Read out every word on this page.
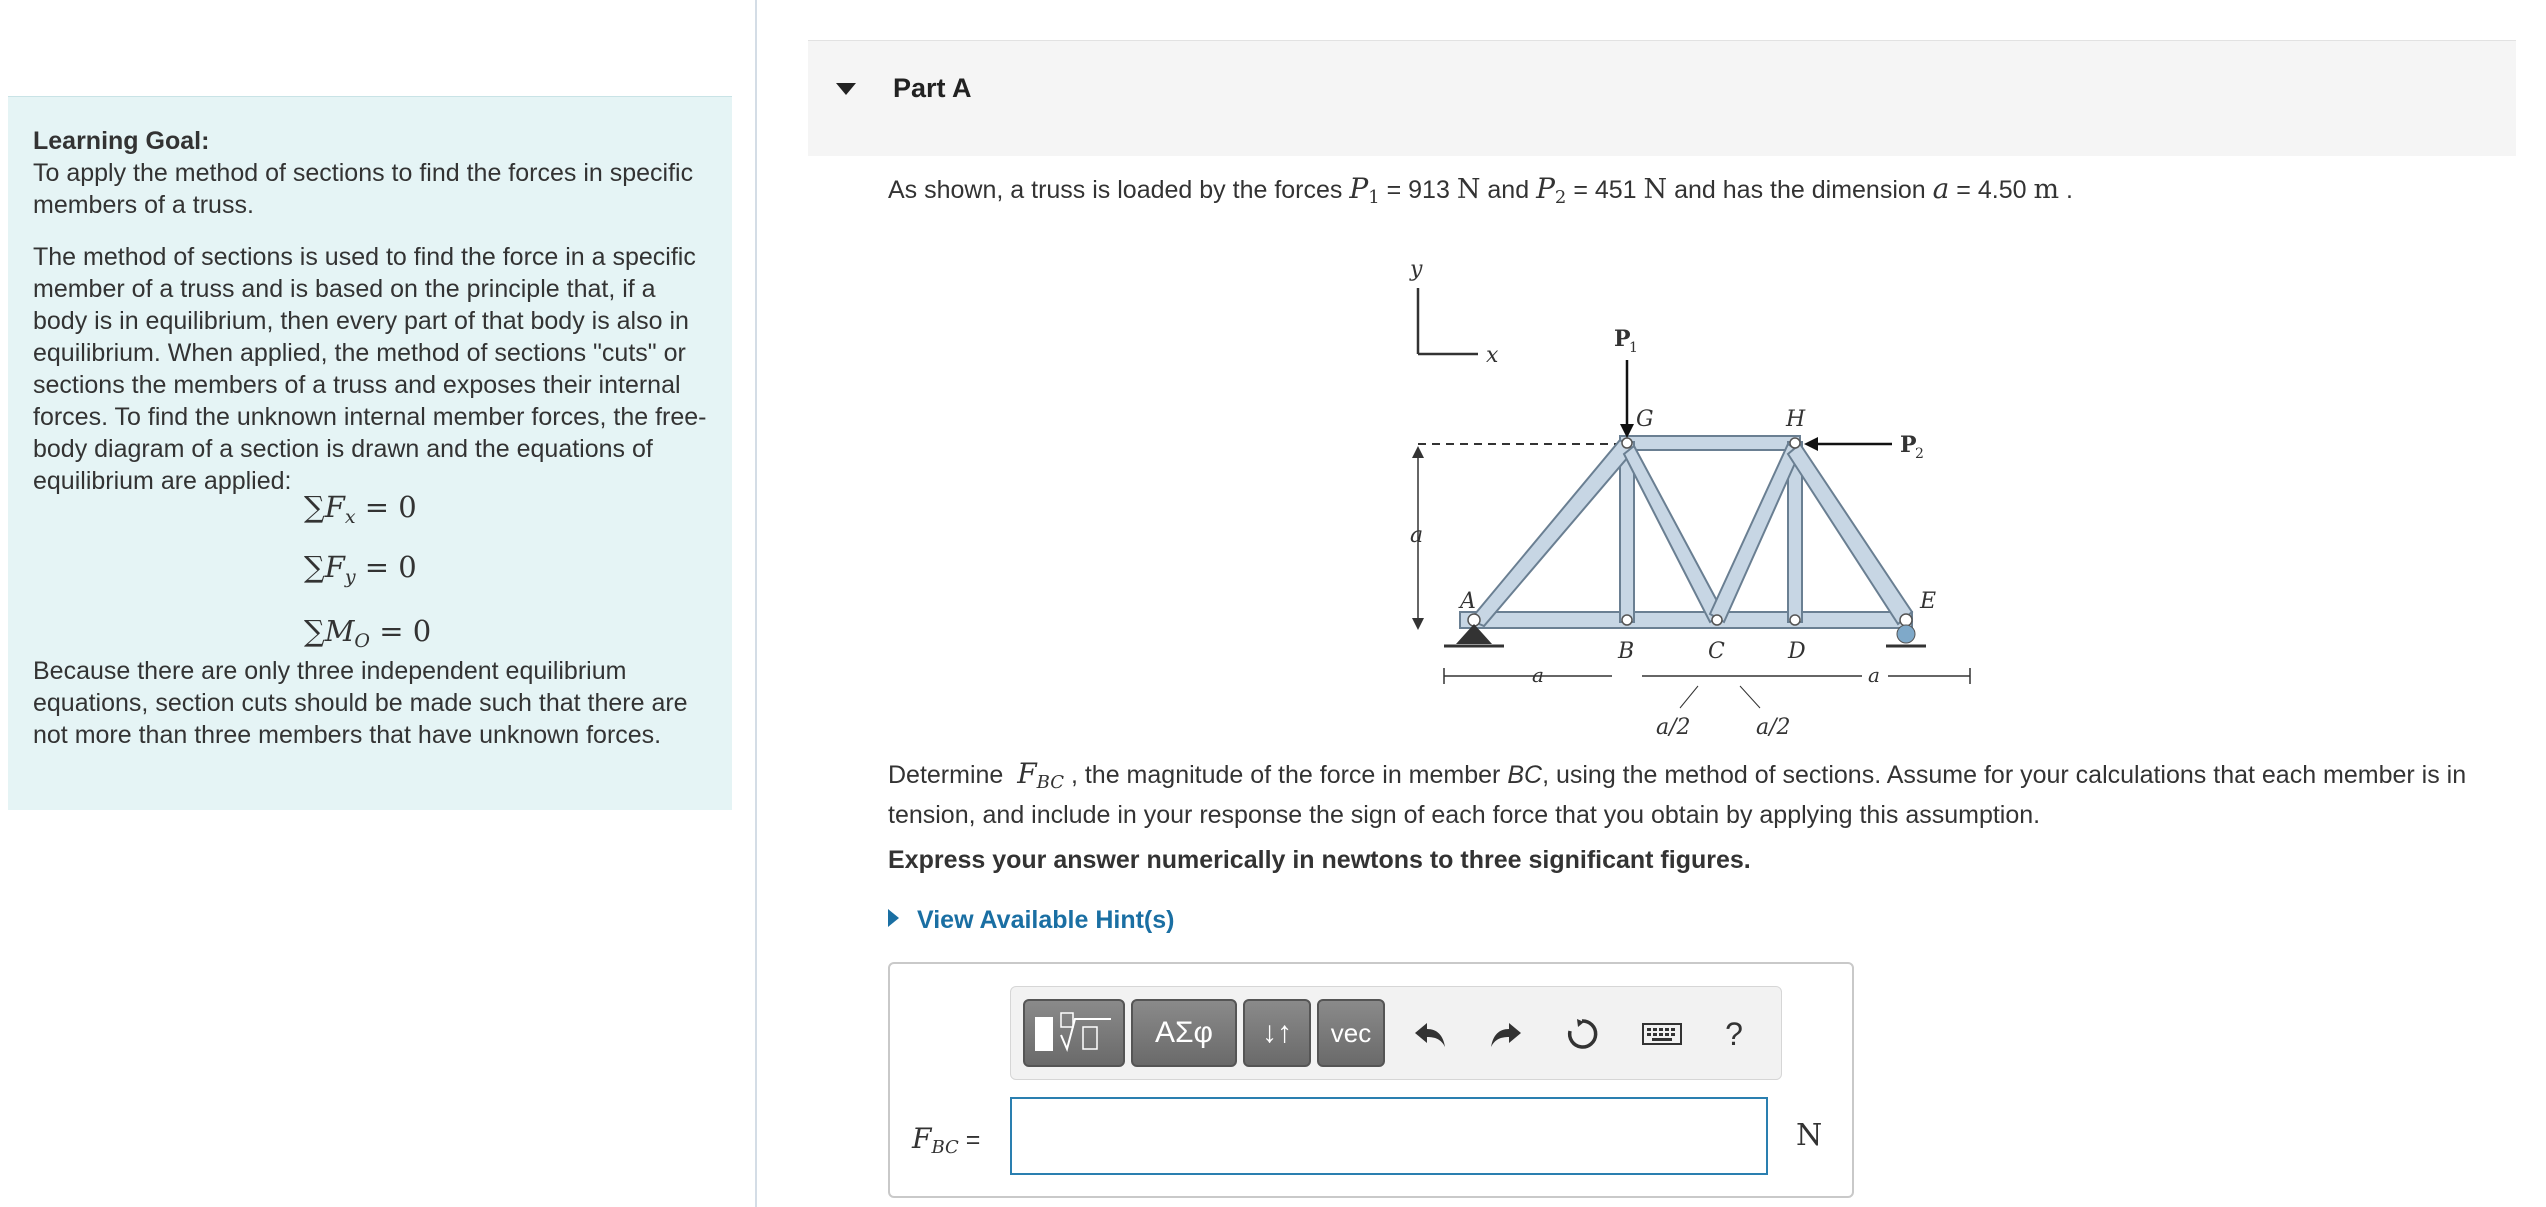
Learning Goal:
To apply the method of sections to find the forces in specific members of a truss.
The method of sections is used to find the force in a specific member of a truss and is based on the principle that, if a body is in equilibrium, then every part of that body is also in equilibrium. When applied, the method of sections "cuts" or sections the members of a truss and exposes their internal forces. To find the unknown internal member forces, the free-body diagram of a section is drawn and the equations of equilibrium are applied:
$\sum F_x = 0$
$\sum F_y = 0$
$\sum M_O = 0$
Because there are only three independent equilibrium equations, section cuts should be made such that there are not more than three members that have unknown forces.
Part A
As shown, a truss is loaded by the forces $P_1 = 913$ N and $P_2 = 451$ N and has the dimension a = 4.50 m .
y
x
a
P
1
P
2
G	H
A	E
B	C	D
a	a
a/2	a/2
Determine $F_{BC}$ , the magnitude of the force in member BC, using the method of sections. Assume for your calculations that each member is in tension, and include in your response the sign of each force that you obtain by applying this assumption.
Express your answer numerically in newtons to three significant figures.
View Available Hint(s)
ΑΣφ	↓↑	vec	?
$F_{BC}$ =	N
